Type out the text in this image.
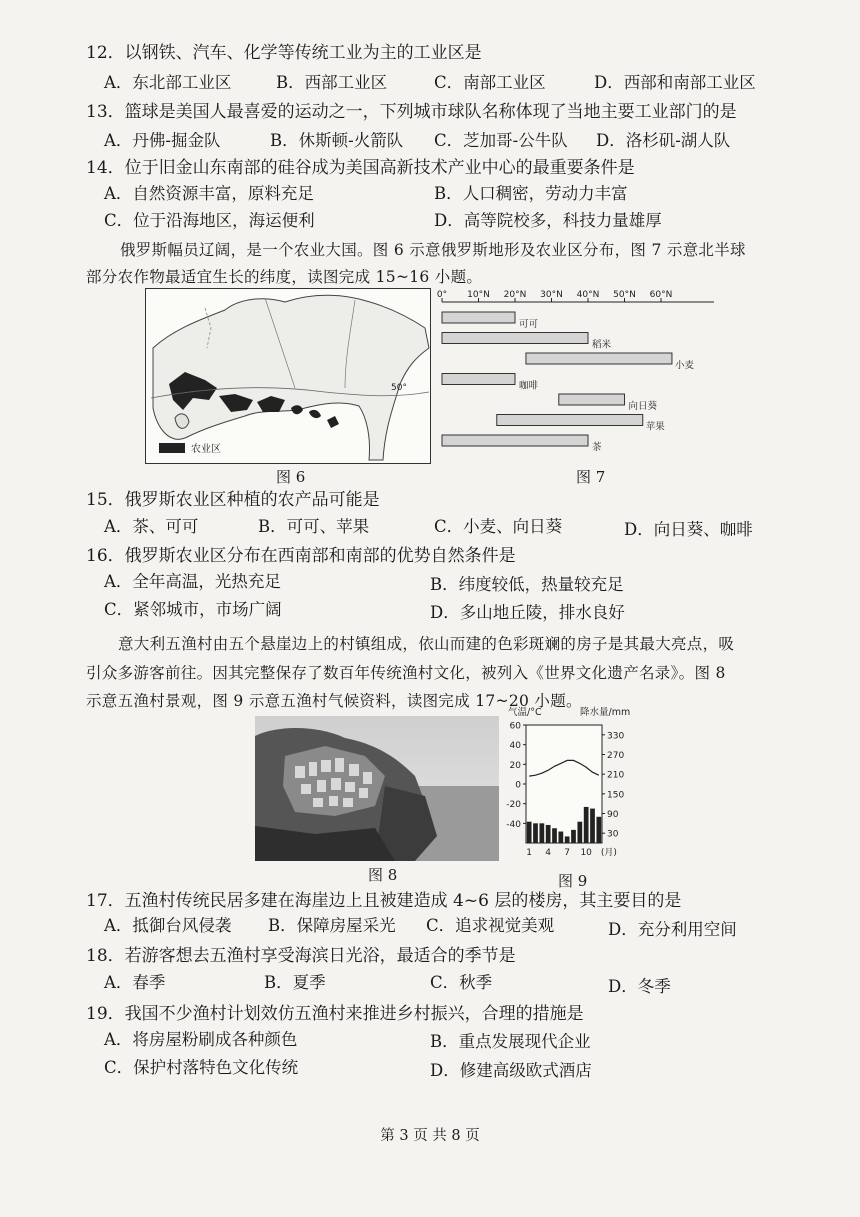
12．以钢铁、汽车、化学等传统工业为主的工业区是
A．东北部工业区	B．西部工业区	C．南部工业区	D．西部和南部工业区
13．篮球是美国人最喜爱的运动之一，下列城市球队名称体现了当地主要工业部门的是
A．丹佛-掘金队	B．休斯顿-火箭队 C．芝加哥-公牛队 D．洛杉矶-湖人队
14．位于旧金山东南部的硅谷成为美国高新技术产业中心的最重要条件是
A．自然资源丰富，原料充足	B．人口稠密，劳动力丰富
C．位于沿海地区，海运便利	D．高等院校多，科技力量雄厚
俄罗斯幅员辽阔，是一个农业大国。图 6 示意俄罗斯地形及农业区分布，图 7 示意北半球
部分农作物最适宜生长的纬度，读图完成 15~16 小题。
50°
农业区
图 6
0° 10°N 20°N 30°N 40°N 50°N 60°N
可可
稻米
小麦
咖啡
向日葵
苹果
茶
图 7
15．俄罗斯农业区种植的农产品可能是
A．茶、可可	B．可可、苹果	C．小麦、向日葵	D．向日葵、咖啡
16．俄罗斯农业区分布在西南部和南部的优势自然条件是
A．全年高温，光热充足	B．纬度较低，热量较充足
C．紧邻城市，市场广阔	D．多山地丘陵，排水良好
意大利五渔村由五个悬崖边上的村镇组成，依山而建的色彩斑斓的房子是其最大亮点，吸
引众多游客前往。因其完整保存了数百年传统渔村文化，被列入《世界文化遗产名录》。图 8
示意五渔村景观，图 9 示意五渔村气候资料，读图完成 17~20 小题。
图 8
气温/°C	降水量/mm
60
40
20
0
-20
-40
330
270
210
150
90
30
1 4 7 10 (月)
图 9
17．五渔村传统民居多建在海崖边上且被建造成 4~6 层的楼房，其主要目的是
A．抵御台风侵袭 B．保障房屋采光 C．追求视觉美观	D．充分利用空间
18．若游客想去五渔村享受海滨日光浴，最适合的季节是
A．春季	B．夏季	C．秋季	D．冬季
19．我国不少渔村计划效仿五渔村来推进乡村振兴，合理的措施是
A．将房屋粉刷成各种颜色	B．重点发展现代企业
C．保护村落特色文化传统	D．修建高级欧式酒店
第 3 页 共 8 页
